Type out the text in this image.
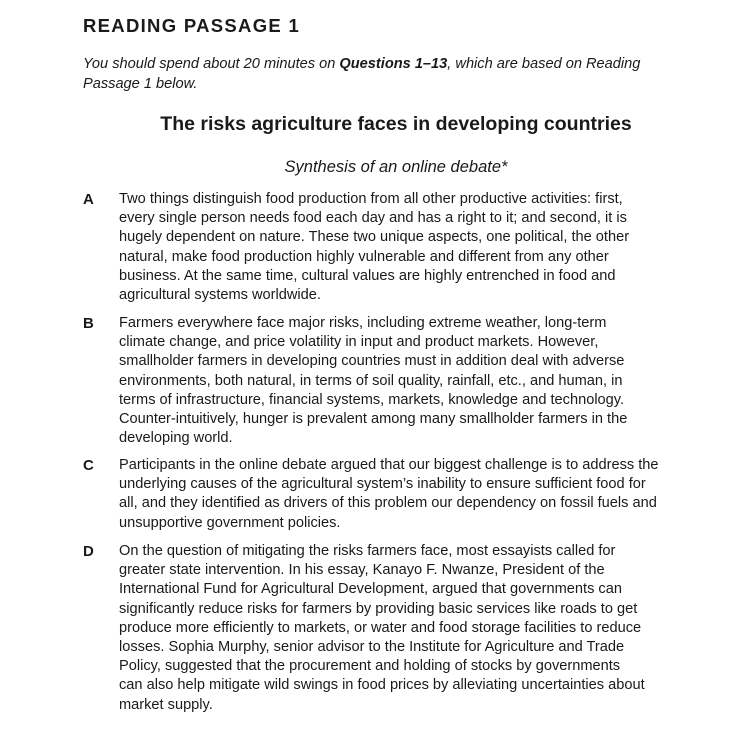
READING PASSAGE 1

You should spend about 20 minutes on Questions 1–13, which are based on Reading
Passage 1 below.

The risks agriculture faces in developing countries

Synthesis of an online debate*

A Two things distinguish food production from all other productive activities: first,
every single person needs food each day and has a right to it; and second, it is
hugely dependent on nature. These two unique aspects, one political, the other
natural, make food production highly vulnerable and different from any other
business. At the same time, cultural values are highly entrenched in food and
agricultural systems worldwide.

B Farmers everywhere face major risks, including extreme weather, long-term
climate change, and price volatility in input and product markets. However,
smallholder farmers in developing countries must in addition deal with adverse
environments, both natural, in terms of soil quality, rainfall, etc., and human, in
terms of infrastructure, financial systems, markets, knowledge and technology.
Counter-intuitively, hunger is prevalent among many smallholder farmers in the
developing world.

C Participants in the online debate argued that our biggest challenge is to address the
underlying causes of the agricultural system’s inability to ensure sufficient food for
all, and they identified as drivers of this problem our dependency on fossil fuels and
unsupportive government policies.

D On the question of mitigating the risks farmers face, most essayists called for
greater state intervention. In his essay, Kanayo F. Nwanze, President of the
International Fund for Agricultural Development, argued that governments can
significantly reduce risks for farmers by providing basic services like roads to get
produce more efficiently to markets, or water and food storage facilities to reduce
losses. Sophia Murphy, senior advisor to the Institute for Agriculture and Trade
Policy, suggested that the procurement and holding of stocks by governments
can also help mitigate wild swings in food prices by alleviating uncertainties about
market supply.
